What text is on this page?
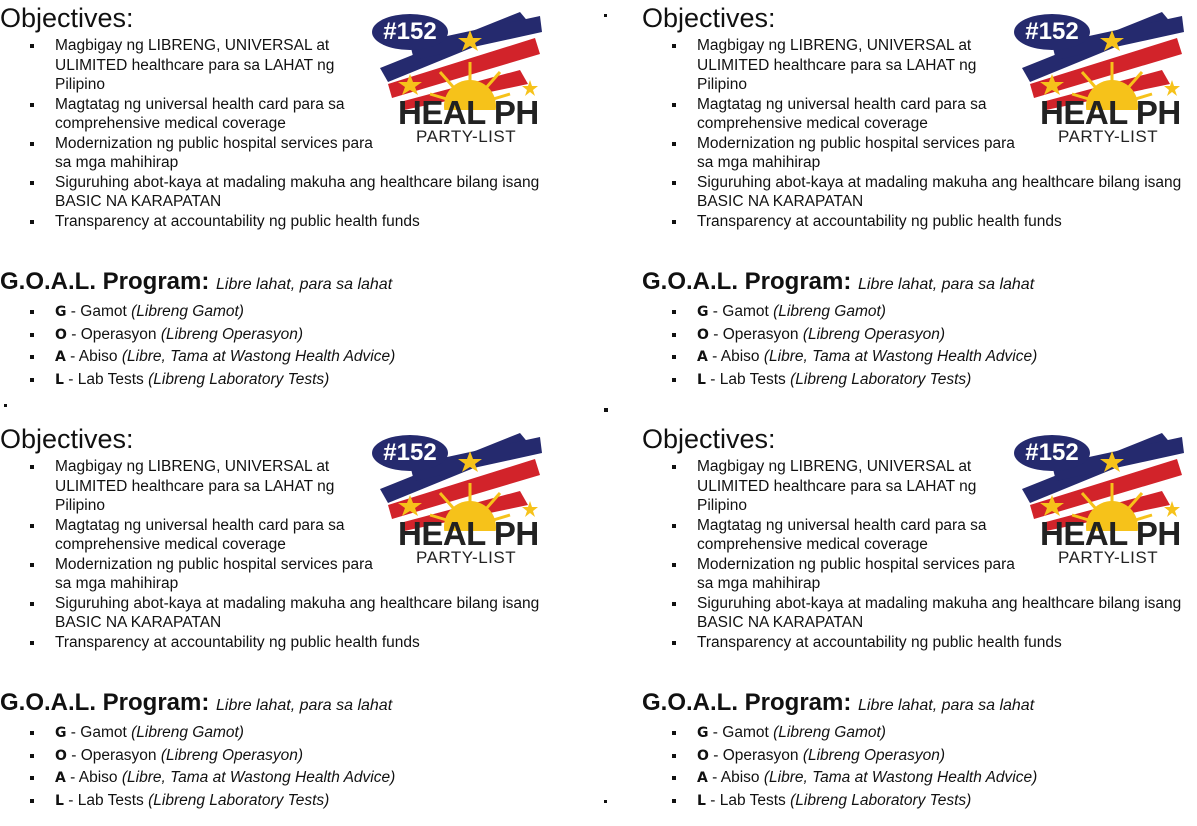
Objectives:
Magbigay ng LIBRENG, UNIVERSAL at ULIMITED healthcare para sa LAHAT ng Pilipino
Magtatag ng universal health card para sa comprehensive medical coverage
Modernization ng public hospital services para sa mga mahihirap
Siguruhing abot-kaya at madaling makuha ang healthcare bilang isang BASIC NA KARAPATAN
Transparency at accountability ng public health funds
#152
HEAL PH
PARTY-LIST
G.O.A.L. Program: Libre lahat, para sa lahat
G - Gamot (Libreng Gamot)
O - Operasyon (Libreng Operasyon)
A - Abiso (Libre, Tama at Wastong Health Advice)
L - Lab Tests (Libreng Laboratory Tests)
Objectives:
Magbigay ng LIBRENG, UNIVERSAL at ULIMITED healthcare para sa LAHAT ng Pilipino
Magtatag ng universal health card para sa comprehensive medical coverage
Modernization ng public hospital services para sa mga mahihirap
Siguruhing abot-kaya at madaling makuha ang healthcare bilang isang BASIC NA KARAPATAN
Transparency at accountability ng public health funds
#152
HEAL PH
PARTY-LIST
G.O.A.L. Program: Libre lahat, para sa lahat
G - Gamot (Libreng Gamot)
O - Operasyon (Libreng Operasyon)
A - Abiso (Libre, Tama at Wastong Health Advice)
L - Lab Tests (Libreng Laboratory Tests)
Objectives:
Magbigay ng LIBRENG, UNIVERSAL at ULIMITED healthcare para sa LAHAT ng Pilipino
Magtatag ng universal health card para sa comprehensive medical coverage
Modernization ng public hospital services para sa mga mahihirap
Siguruhing abot-kaya at madaling makuha ang healthcare bilang isang BASIC NA KARAPATAN
Transparency at accountability ng public health funds
#152
HEAL PH
PARTY-LIST
G.O.A.L. Program: Libre lahat, para sa lahat
G - Gamot (Libreng Gamot)
O - Operasyon (Libreng Operasyon)
A - Abiso (Libre, Tama at Wastong Health Advice)
L - Lab Tests (Libreng Laboratory Tests)
Objectives:
Magbigay ng LIBRENG, UNIVERSAL at ULIMITED healthcare para sa LAHAT ng Pilipino
Magtatag ng universal health card para sa comprehensive medical coverage
Modernization ng public hospital services para sa mga mahihirap
Siguruhing abot-kaya at madaling makuha ang healthcare bilang isang BASIC NA KARAPATAN
Transparency at accountability ng public health funds
#152
HEAL PH
PARTY-LIST
G.O.A.L. Program: Libre lahat, para sa lahat
G - Gamot (Libreng Gamot)
O - Operasyon (Libreng Operasyon)
A - Abiso (Libre, Tama at Wastong Health Advice)
L - Lab Tests (Libreng Laboratory Tests)
